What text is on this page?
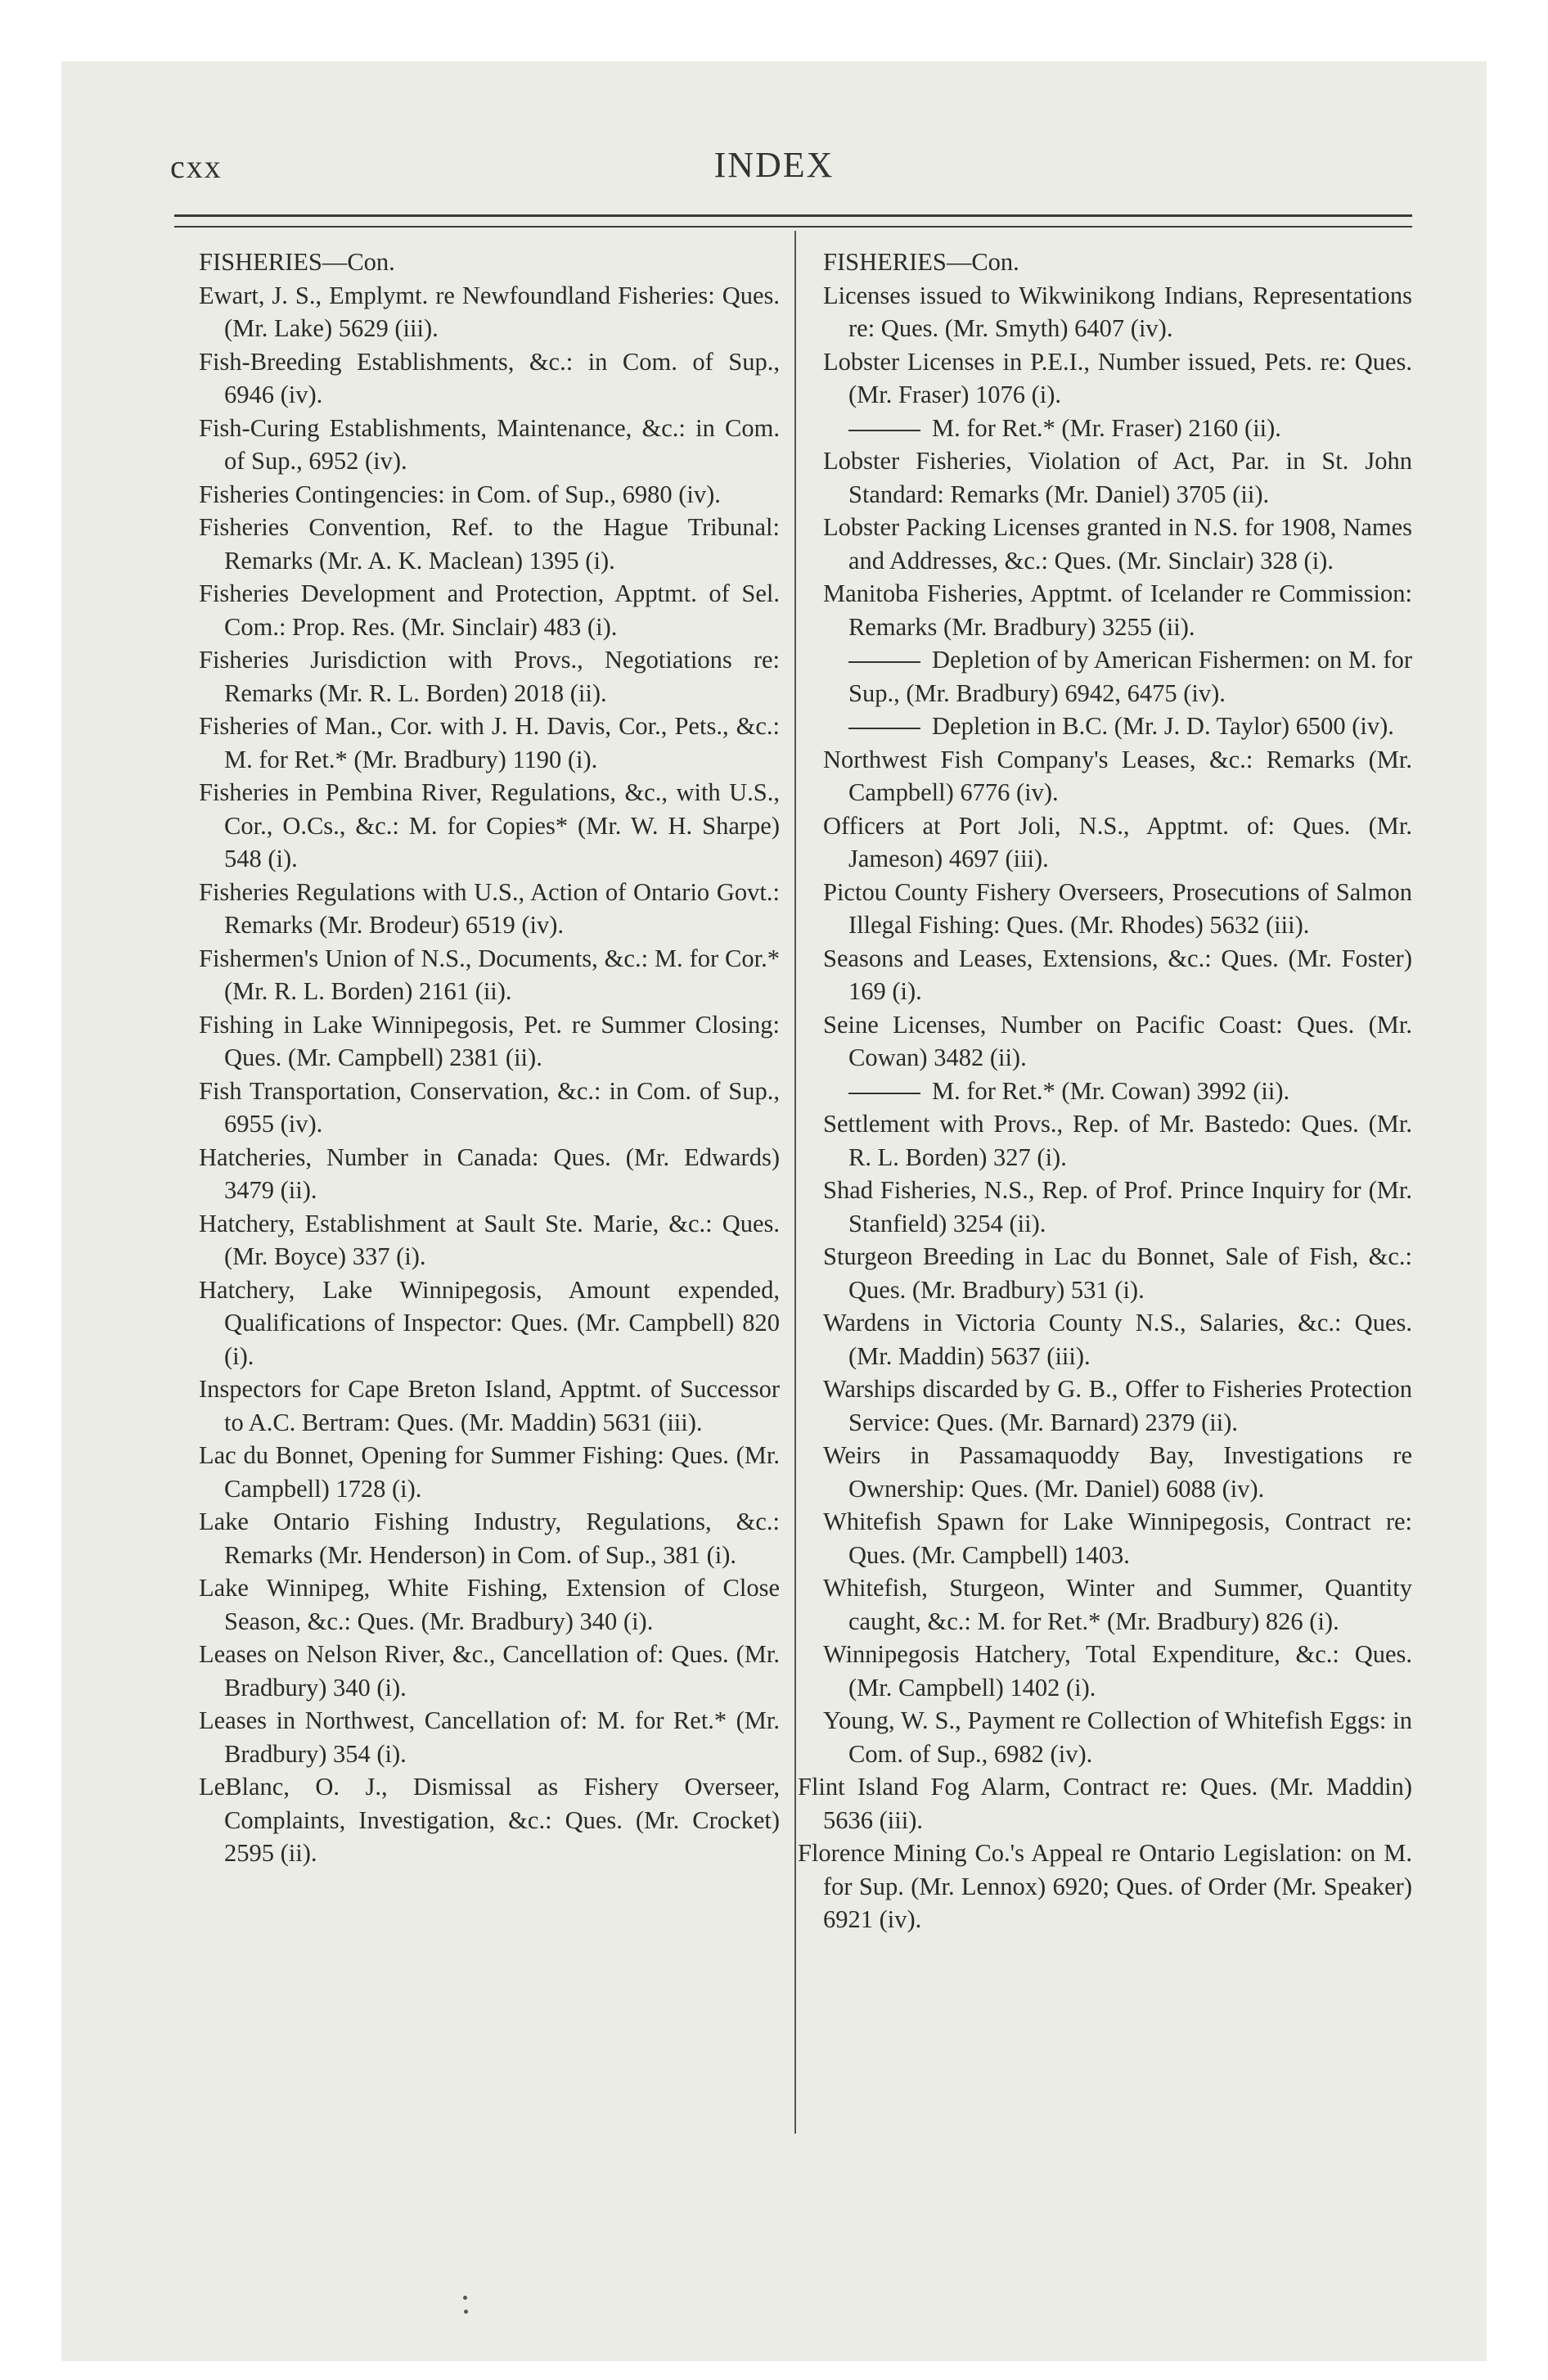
cxx	INDEX

FISHERIES—Con.

Ewart, J. S., Emplymt. re Newfoundland Fisheries: Ques. (Mr. Lake) 5629 (iii).

Fish-Breeding Establishments, &c.: in Com. of Sup., 6946 (iv).

Fish-Curing Establishments, Maintenance, &c.: in Com. of Sup., 6952 (iv).

Fisheries Contingencies: in Com. of Sup., 6980 (iv).

Fisheries Convention, Ref. to the Hague Tribunal: Remarks (Mr. A. K. Maclean) 1395 (i).

Fisheries Development and Protection, Apptmt. of Sel. Com.: Prop. Res. (Mr. Sinclair) 483 (i).

Fisheries Jurisdiction with Provs., Negotiations re: Remarks (Mr. R. L. Borden) 2018 (ii).

Fisheries of Man., Cor. with J. H. Davis, Cor., Pets., &c.: M. for Ret.* (Mr. Bradbury) 1190 (i).

Fisheries in Pembina River, Regulations, &c., with U.S., Cor., O.Cs., &c.: M. for Copies* (Mr. W. H. Sharpe) 548 (i).

Fisheries Regulations with U.S., Action of Ontario Govt.: Remarks (Mr. Brodeur) 6519 (iv).

Fishermen's Union of N.S., Documents, &c.: M. for Cor.* (Mr. R. L. Borden) 2161 (ii).

Fishing in Lake Winnipegosis, Pet. re Summer Closing: Ques. (Mr. Campbell) 2381 (ii).

Fish Transportation, Conservation, &c.: in Com. of Sup., 6955 (iv).

Hatcheries, Number in Canada: Ques. (Mr. Edwards) 3479 (ii).

Hatchery, Establishment at Sault Ste. Marie, &c.: Ques. (Mr. Boyce) 337 (i).

Hatchery, Lake Winnipegosis, Amount expended, Qualifications of Inspector: Ques. (Mr. Campbell) 820 (i).

Inspectors for Cape Breton Island, Apptmt. of Successor to A.C. Bertram: Ques. (Mr. Maddin) 5631 (iii).

Lac du Bonnet, Opening for Summer Fishing: Ques. (Mr. Campbell) 1728 (i).

Lake Ontario Fishing Industry, Regulations, &c.: Remarks (Mr. Henderson) in Com. of Sup., 381 (i).

Lake Winnipeg, White Fishing, Extension of Close Season, &c.: Ques. (Mr. Bradbury) 340 (i).

Leases on Nelson River, &c., Cancellation of: Ques. (Mr. Bradbury) 340 (i).

Leases in Northwest, Cancellation of: M. for Ret.* (Mr. Bradbury) 354 (i).

LeBlanc, O. J., Dismissal as Fishery Overseer, Complaints, Investigation, &c.: Ques. (Mr. Crocket) 2595 (ii).

FISHERIES—Con.

Licenses issued to Wikwinikong Indians, Representations re: Ques. (Mr. Smyth) 6407 (iv).

Lobster Licenses in P.E.I., Number issued, Pets. re: Ques. (Mr. Fraser) 1076 (i).

M. for Ret.* (Mr. Fraser) 2160 (ii).

Lobster Fisheries, Violation of Act, Par. in St. John Standard: Remarks (Mr. Daniel) 3705 (ii).

Lobster Packing Licenses granted in N.S. for 1908, Names and Addresses, &c.: Ques. (Mr. Sinclair) 328 (i).

Manitoba Fisheries, Apptmt. of Icelander re Commission: Remarks (Mr. Bradbury) 3255 (ii).

Depletion of by American Fishermen: on M. for Sup., (Mr. Bradbury) 6942, 6475 (iv).

Depletion in B.C. (Mr. J. D. Taylor) 6500 (iv).

Northwest Fish Company's Leases, &c.: Remarks (Mr. Campbell) 6776 (iv).

Officers at Port Joli, N.S., Apptmt. of: Ques. (Mr. Jameson) 4697 (iii).

Pictou County Fishery Overseers, Prosecutions of Salmon Illegal Fishing: Ques. (Mr. Rhodes) 5632 (iii).

Seasons and Leases, Extensions, &c.: Ques. (Mr. Foster) 169 (i).

Seine Licenses, Number on Pacific Coast: Ques. (Mr. Cowan) 3482 (ii).

M. for Ret.* (Mr. Cowan) 3992 (ii).

Settlement with Provs., Rep. of Mr. Bastedo: Ques. (Mr. R. L. Borden) 327 (i).

Shad Fisheries, N.S., Rep. of Prof. Prince Inquiry for (Mr. Stanfield) 3254 (ii).

Sturgeon Breeding in Lac du Bonnet, Sale of Fish, &c.: Ques. (Mr. Bradbury) 531 (i).

Wardens in Victoria County N.S., Salaries, &c.: Ques. (Mr. Maddin) 5637 (iii).

Warships discarded by G. B., Offer to Fisheries Protection Service: Ques. (Mr. Barnard) 2379 (ii).

Weirs in Passamaquoddy Bay, Investigations re Ownership: Ques. (Mr. Daniel) 6088 (iv).

Whitefish Spawn for Lake Winnipegosis, Contract re: Ques. (Mr. Campbell) 1403.

Whitefish, Sturgeon, Winter and Summer, Quantity caught, &c.: M. for Ret.* (Mr. Bradbury) 826 (i).

Winnipegosis Hatchery, Total Expenditure, &c.: Ques. (Mr. Campbell) 1402 (i).

Young, W. S., Payment re Collection of Whitefish Eggs: in Com. of Sup., 6982 (iv).

Flint Island Fog Alarm, Contract re: Ques. (Mr. Maddin) 5636 (iii).

Florence Mining Co.'s Appeal re Ontario Legislation: on M. for Sup. (Mr. Lennox) 6920; Ques. of Order (Mr. Speaker) 6921 (iv).
